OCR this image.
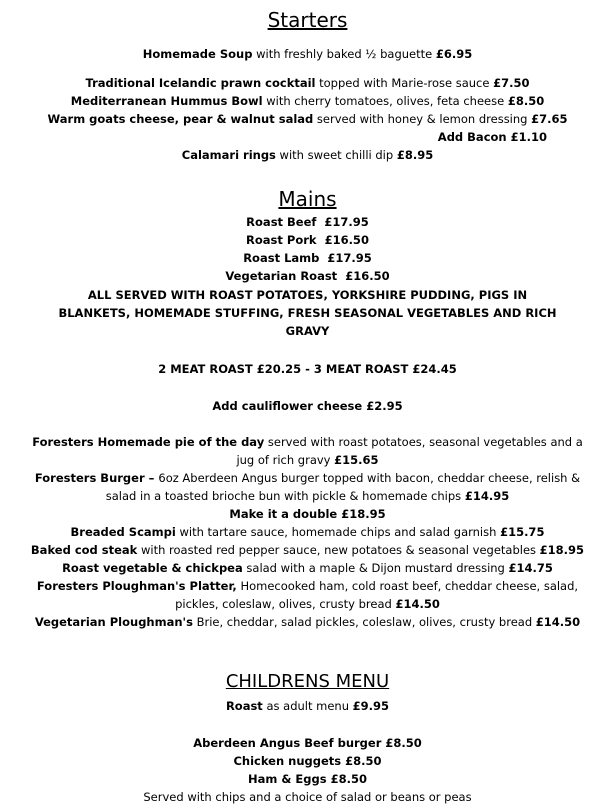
Starters
Homemade Soup with freshly baked ½ baguette £6.95
Traditional Icelandic prawn cocktail topped with Marie-rose sauce £7.50
Mediterranean Hummus Bowl with cherry tomatoes, olives, feta cheese £8.50
Warm goats cheese, pear & walnut salad served with honey & lemon dressing £7.65
Add Bacon £1.10
Calamari rings with sweet chilli dip £8.95
Mains
Roast Beef £17.95
Roast Pork £16.50
Roast Lamb £17.95
Vegetarian Roast £16.50
ALL SERVED WITH ROAST POTATOES, YORKSHIRE PUDDING, PIGS IN BLANKETS, HOMEMADE STUFFING, FRESH SEASONAL VEGETABLES AND RICH GRAVY
2 MEAT ROAST £20.25 - 3 MEAT ROAST £24.45
Add cauliflower cheese £2.95
Foresters Homemade pie of the day served with roast potatoes, seasonal vegetables and a jug of rich gravy £15.65
Foresters Burger – 6oz Aberdeen Angus burger topped with bacon, cheddar cheese, relish & salad in a toasted brioche bun with pickle & homemade chips £14.95
Make it a double £18.95
Breaded Scampi with tartare sauce, homemade chips and salad garnish £15.75
Baked cod steak with roasted red pepper sauce, new potatoes & seasonal vegetables £18.95
Roast vegetable & chickpea salad with a maple & Dijon mustard dressing £14.75
Foresters Ploughman's Platter, Homecooked ham, cold roast beef, cheddar cheese, salad, pickles, coleslaw, olives, crusty bread £14.50
Vegetarian Ploughman's Brie, cheddar, salad pickles, coleslaw, olives, crusty bread £14.50
CHILDRENS MENU
Roast as adult menu £9.95
Aberdeen Angus Beef burger £8.50
Chicken nuggets £8.50
Ham & Eggs £8.50
Served with chips and a choice of salad or beans or peas
